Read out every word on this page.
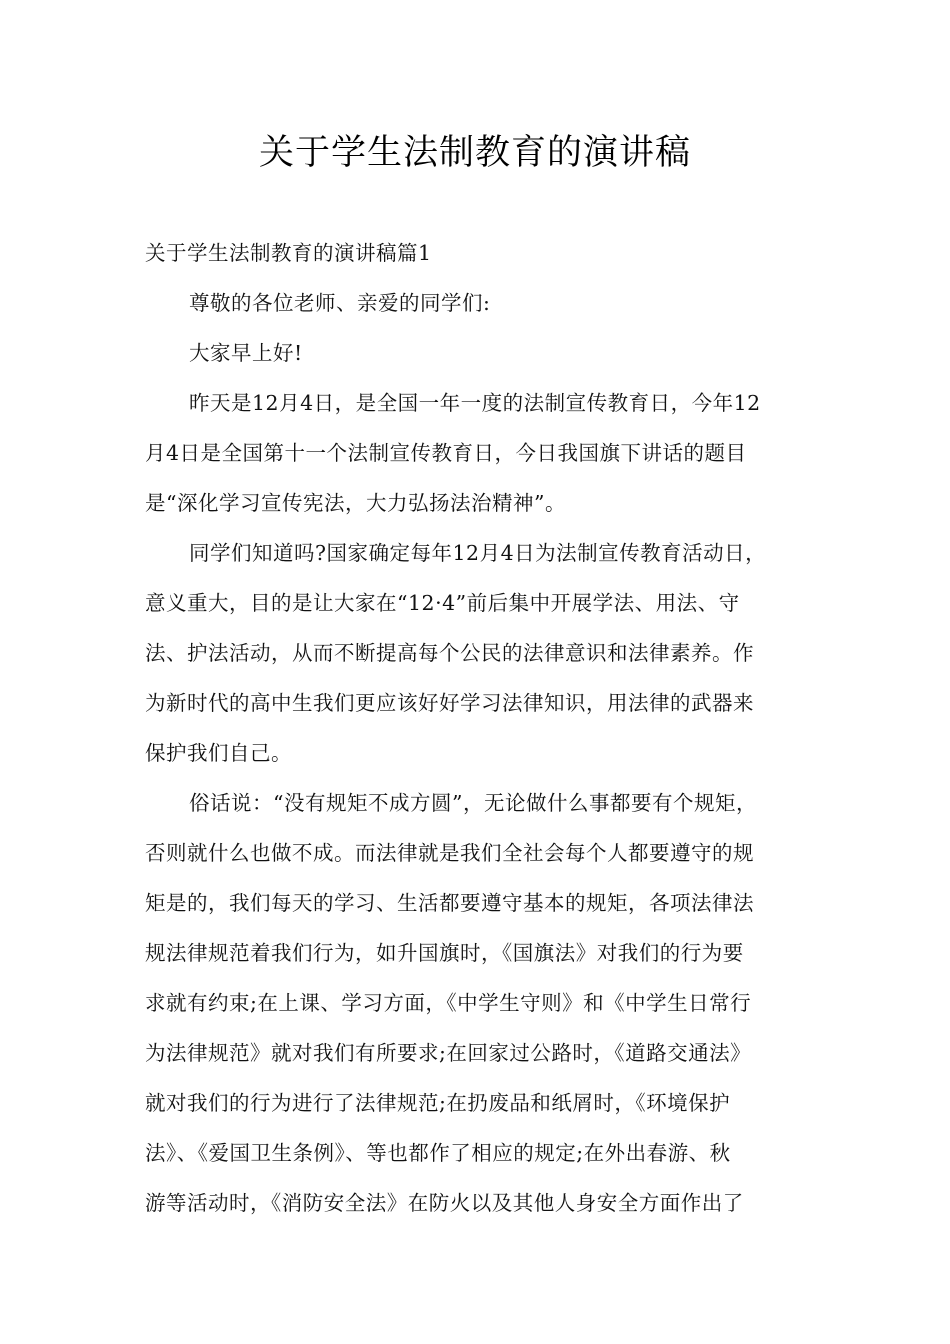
关于学生法制教育的演讲稿
关于学生法制教育的演讲稿篇1
尊敬的各位老师、亲爱的同学们:
大家早上好!
昨天是12月4日，是全国一年一度的法制宣传教育日，今年12
月4日是全国第十一个法制宣传教育日，今日我国旗下讲话的题目
是“深化学习宣传宪法，大力弘扬法治精神”。
同学们知道吗?国家确定每年12月4日为法制宣传教育活动日，
意义重大，目的是让大家在“12·4”前后集中开展学法、用法、守
法、护法活动，从而不断提高每个公民的法律意识和法律素养。作
为新时代的高中生我们更应该好好学习法律知识，用法律的武器来
保护我们自己。
俗话说：“没有规矩不成方圆”，无论做什么事都要有个规矩，
否则就什么也做不成。而法律就是我们全社会每个人都要遵守的规
矩是的，我们每天的学习、生活都要遵守基本的规矩，各项法律法
规法律规范着我们行为，如升国旗时，《国旗法》对我们的行为要
求就有约束;在上课、学习方面，《中学生守则》和《中学生日常行
为法律规范》就对我们有所要求;在回家过公路时，《道路交通法》
就对我们的行为进行了法律规范;在扔废品和纸屑时，《环境保护
法》、《爱国卫生条例》、等也都作了相应的规定;在外出春游、秋
游等活动时，《消防安全法》在防火以及其他人身安全方面作出了
